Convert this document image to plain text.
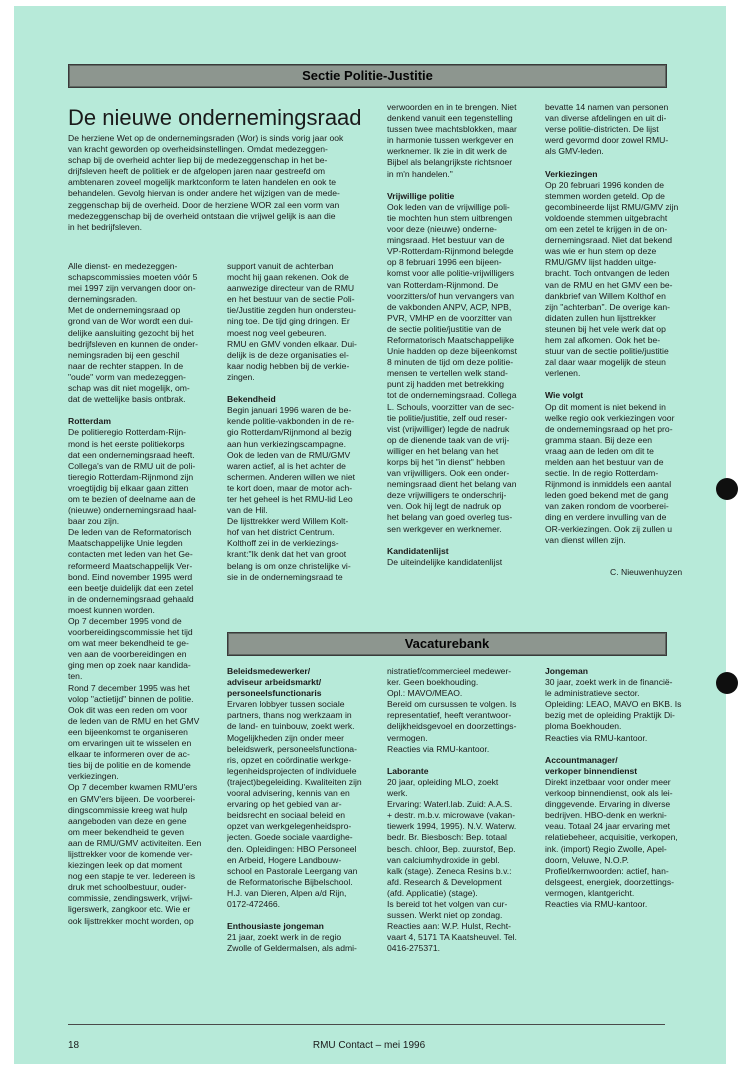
Sectie Politie-Justitie
De nieuwe ondernemingsraad
De herziene Wet op de ondernemingsraden (Wor) is sinds vorig jaar ook
van kracht geworden op overheidsinstellingen. Omdat medezeggen-
schap bij de overheid achter liep bij de medezeggenschap in het be-
drijfsleven heeft de politiek er de afgelopen jaren naar gestreefd om
ambtenaren zoveel mogelijk marktconform te laten handelen en ook te
behandelen. Gevolg hiervan is onder andere het wijzigen van de mede-
zeggenschap bij de overheid. Door de herziene WOR zal een vorm van
medezeggenschap bij de overheid ontstaan die vrijwel gelijk is aan die
in het bedrijfsleven.
Alle dienst- en medezeggen-
schapscommissies moeten vóór 5
mei 1997 zijn vervangen door on-
dernemingsraden.
Met de ondernemingsraad op
grond van de Wor wordt een dui-
delijke aansluiting gezocht bij het
bedrijfsleven en kunnen de onder-
nemingsraden bij een geschil
naar de rechter stappen. In de
"oude" vorm van medezeggen-
schap was dit niet mogelijk, om-
dat de wettelijke basis ontbrak.
Rotterdam
De politieregio Rotterdam-Rijn-
mond is het eerste politiekorps
dat een ondernemingsraad heeft.
Collega's van de RMU uit de poli-
tieregio Rotterdam-Rijnmond zijn
vroegtijdig bij elkaar gaan zitten
om te bezien of deelname aan de
(nieuwe) ondernemingsraad haal-
baar zou zijn.
De leden van de Reformatorisch
Maatschappelijke Unie legden
contacten met leden van het Ge-
reformeerd Maatschappelijk Ver-
bond. Eind november 1995 werd
een beetje duidelijk dat een zetel
in de ondernemingsraad gehaald
moest kunnen worden.
Op 7 december 1995 vond de
voorbereidingscommissie het tijd
om wat meer bekendheid te ge-
ven aan de voorbereidingen en
ging men op zoek naar kandida-
ten.
Rond 7 december 1995 was het
volop "actietijd" binnen de politie.
Ook dit was een reden om voor
de leden van de RMU en het GMV
een bijeenkomst te organiseren
om ervaringen uit te wisselen en
elkaar te informeren over de ac-
ties bij de politie en de komende
verkiezingen.
Op 7 december kwamen RMU'ers
en GMV'ers bijeen. De voorberei-
dingscommissie kreeg wat hulp
aangeboden van deze en gene
om meer bekendheid te geven
aan de RMU/GMV activiteiten. Een
lijsttrekker voor de komende ver-
kiezingen leek op dat moment
nog een stapje te ver. Iedereen is
druk met schoolbestuur, ouder-
commissie, zendingswerk, vrijwi-
ligerswerk, zangkoor etc. Wie er
ook lijsttrekker mocht worden, op
support vanuit de achterban
mocht hij gaan rekenen. Ook de
aanwezige directeur van de RMU
en het bestuur van de sectie Poli-
tie/Justitie zegden hun ondersteu-
ning toe. De tijd ging dringen. Er
moest nog veel gebeuren.
RMU en GMV vonden elkaar. Dui-
delijk is de deze organisaties el-
kaar nodig hebben bij de verkie-
zingen.
Bekendheid
Begin januari 1996 waren de be-
kende politie-vakbonden in de re-
gio Rotterdam/Rijnmond al bezig
aan hun verkiezingscampagne.
Ook de leden van de RMU/GMV
waren actief, al is het achter de
schermen. Anderen willen we niet
te kort doen, maar de motor ach-
ter het geheel is het RMU-lid Leo
van de Hil.
De lijsttrekker werd Willem Kolt-
hof van het district Centrum.
Kolthoff zei in de verkiezings-
krant:"Ik denk dat het van groot
belang is om onze christelijke vi-
sie in de ondernemingsraad te
verwoorden en in te brengen. Niet
denkend vanuit een tegenstelling
tussen twee machtsblokken, maar
in harmonie tussen werkgever en
werknemer. Ik zie in dit werk de
Bijbel als belangrijkste richtsnoer
in m'n handelen."
Vrijwillige politie
Ook leden van de vrijwillige poli-
tie mochten hun stem uitbrengen
voor deze (nieuwe) onderne-
mingsraad. Het bestuur van de
VP-Rotterdam-Rijnmond belegde
op 8 februari 1996 een bijeen-
komst voor alle politie-vrijwilligers
van Rotterdam-Rijnmond. De
voorzitters/of hun vervangers van
de vakbonden ANPV, ACP, NPB,
PVR, VMHP en de voorzitter van
de sectie politie/justitie van de
Reformatorisch Maatschappelijke
Unie hadden op deze bijeenkomst
8 minuten de tijd om deze politie-
mensen te vertellen welk stand-
punt zij hadden met betrekking
tot de ondernemingsraad. Collega
L. Schouls, voorzitter van de sec-
tie politie/justitie, zelf oud reser-
vist (vrijwilliger) legde de nadruk
op de dienende taak van de vrij-
williger en het belang van het
korps bij het "in dienst" hebben
van vrijwilligers. Ook een onder-
nemingsraad dient het belang van
deze vrijwilligers te onderschrij-
ven. Ook hij legt de nadruk op
het belang van goed overleg tus-
sen werkgever en werknemer.
Kandidatenlijst
De uiteindelijke kandidatenlijst
bevatte 14 namen van personen
van diverse afdelingen en uit di-
verse politie-districten. De lijst
werd gevormd door zowel RMU-
als GMV-leden.
Verkiezingen
Op 20 februari 1996 konden de
stemmen worden geteld. Op de
gecombineerde lijst RMU/GMV zijn
voldoende stemmen uitgebracht
om een zetel te krijgen in de on-
dernemingsraad. Niet dat bekend
was wie er hun stem op deze
RMU/GMV lijst hadden uitge-
bracht. Toch ontvangen de leden
van de RMU en het GMV een be-
dankbrief van Willem Kolthof en
zijn "achterban". De overige kan-
didaten zullen hun lijsttrekker
steunen bij het vele werk dat op
hem zal afkomen. Ook het be-
stuur van de sectie politie/justitie
zal daar waar mogelijk de steun
verlenen.
Wie volgt
Op dit moment is niet bekend in
welke regio ook verkiezingen voor
de ondernemingsraad op het pro-
gramma staan. Bij deze een
vraag aan de leden om dit te
melden aan het bestuur van de
sectie. In de regio Rotterdam-
Rijnmond is inmiddels een aantal
leden goed bekend met de gang
van zaken rondom de voorberei-
ding en verdere invulling van de
OR-verkiezingen. Ook zij zullen u
van dienst willen zijn.
C. Nieuwenhuyzen
Vacaturebank
Beleidsmedewerker/
adviseur arbeidsmarkt/
personeelsfunctionaris
Ervaren lobbyer tussen sociale
partners, thans nog werkzaam in
de land- en tuinbouw, zoekt werk.
Mogelijkheden zijn onder meer
beleidswerk, personeelsfunctiona-
ris, opzet en coördinatie werkge-
legenheidsprojecten of individuele
(traject)begeleiding. Kwaliteiten zijn
vooral advisering, kennis van en
ervaring op het gebied van ar-
beidsrecht en sociaal beleid en
opzet van werkgelegenheidspro-
jecten. Goede sociale vaardighe-
den. Opleidingen: HBO Personeel
en Arbeid, Hogere Landbouw-
school en Pastorale Leergang van
de Reformatorische Bijbelschool.
H.J. van Dieren, Alpen a/d Rijn,
0172-472466.
Enthousiaste jongeman
21 jaar, zoekt werk in de regio
Zwolle of Geldermalsen, als admi-
nistratief/commercieel medewer-
ker. Geen boekhouding.
Opl.: MAVO/MEAO.
Bereid om cursussen te volgen. Is
representatief, heeft verantwoor-
delijkheidsgevoel en doorzettings-
vermogen.
Reacties via RMU-kantoor.
Laborante
20 jaar, opleiding MLO, zoekt
werk.
Ervaring: Waterl.lab. Zuid: A.A.S.
+ destr. m.b.v. microwave (vakan-
tiewerk 1994, 1995). N.V. Waterw.
bedr. Br. Biesbosch: Bep. totaal
besch. chloor, Bep. zuurstof, Bep.
van calciumhydroxide in gebl.
kalk (stage). Zeneca Resins b.v.:
afd. Research & Development
(afd. Applicatie) (stage).
Is bereid tot het volgen van cur-
sussen. Werkt niet op zondag.
Reacties aan: W.P. Hulst, Recht-
vaart 4, 5171 TA Kaatsheuvel. Tel.
0416-275371.
Jongeman
30 jaar, zoekt werk in de financië-
le administratieve sector.
Opleiding: LEAO, MAVO en BKB. Is
bezig met de opleiding Praktijk Di-
ploma Boekhouden.
Reacties via RMU-kantoor.
Accountmanager/
verkoper binnendienst
Direkt inzetbaar voor onder meer
verkoop binnendienst, ook als lei-
dinggevende. Ervaring in diverse
bedrijven. HBO-denk en werkni-
veau. Totaal 24 jaar ervaring met
relatiebeheer, acquisitie, verkopen,
ink. (import) Regio Zwolle, Apel-
doorn, Veluwe, N.O.P.
Profiel/kernwoorden: actief, han-
delsgeest, energiek, doorzettings-
vermogen, klantgericht.
Reacties via RMU-kantoor.
18	RMU Contact – mei 1996
